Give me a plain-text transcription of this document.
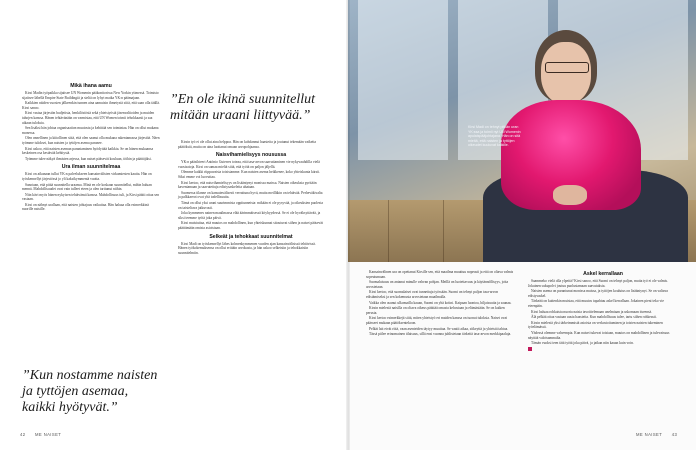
Mikä ihana aamu

Kirsi Madin työpaikka sijaitsee UN Womenin pääkonttorissa New Yorkin ytimessä. Toimisto sijaitsee lähellä Empire State Buildingiä ja sieltä on lyhyt matka YK:n päämajaan.

Kaikkien näiden vuosien jälkeenkin tunnen aina aamuisin ihmetystä siitä, että saan olla täällä. Kirsi sanoo.

Kirsi vastaa järjestön budjetista, henkilöstöstä sekä yhteistyöstä jäsenvaltioiden ja muiden tahojen kanssa. Hänen tehtävänään on varmistaa, että UN Women toimii tehokkaasti ja saa aikaan tuloksia.

Sen lisäksi hän johtaa organisaation muutosta ja kehittää sen toimintaa. Hän on ollut mukana monessa.

Olen onnellinen ja kiitollinen siitä, että olen saanut olla mukana rakentamassa järjestöä. Näen työmme tulokset, kun naisten ja tyttöjen asema paranee.

Kirsi uskoo, että naisten aseman parantaminen hyödyttää kaikkia. Se on hänen mukaansa keskeinen osa kestävää kehitystä.

Työmme tulee näkyä ihmisten arjessa, kun naiset pääsevät kouluun, töihin ja päättäjiksi.

Ura ilman suunnitelmaa

Kirsi on aikanaan tullut YK:n palvelukseen kansainvälisten virkamiesten kautta. Hän on työskennellyt järjestössä jo yli kaksikymmentä vuotta.

Sanotaan, että pitää suunnitella uraansa. Minä en ole koskaan suunnitellut, mihin haluan mennä. Mahdollisuudet ovat vain tulleet eteen ja olen tarttunut niihin.

Niin kävi myös hänen nykyisen tehtävänsä kanssa. Mahdollisuus tuli, ja Kirsi päätti ottaa sen vastaan.

Kirsi on nähnyt urallaan, että naisten johtajuus vaikuttaa. Hän haluaa olla esimerkkinä nuorille naisille.

”En ole ikinä suunnitellut mitään uraani liittyvää.”

Kirsin työ ei ole ollut aina helppoa. Hän on kohdannut haasteita ja joutunut tekemään vaikeita päätöksiä, mutta on aina luottanut omaan arvopohjaansa.

Naisvihamielisyys nousussa

YK:n pääsihteeri António Guterres toteaa, että tasa-arvon saavuttaminen vie nykyvauhdilla vielä vuosisatoja. Kirsi on samaa mieltä siitä, että työtä on paljon jäljellä.

Olemme kaikki riippuvaisia toisistamme. Kun naisten asema heikkenee, koko yhteiskunta kärsii. Siksi emme voi luovuttaa.

Kirsi kertoo, että naisvihamielisyys on lisääntynyt monissa maissa. Naisten oikeuksia pyritään kaventamaan ja saavutettuja edistysaskeleita uhataan.

Suomessa tilanne on kansainvälisesti verrattuna hyvä, mutta meilläkin on tehtävää. Perheväkivalta ja palkkaerot ovat yhä todellisuutta.

Tämä on ollut yksi urani suurimmista oppitunneista: mikään ei ole pysyvää, ja oikeuksien puolesta on taisteltava jatkuvasti.

Joka kymmenes nainen maailmassa elää äärimmäisessä köyhyydessä. Se ei ole hyväksyttävää, ja siksi teemme työtä joka päivä.

Kirsi muistuttaa, että muutos on mahdollinen, kun yhteiskunnat sitoutuvat siihen ja naiset pääsevät päättämään omista asioistaan.

Selkeät ja tehokkaat suunnitelmat

Kirsi Madi on työskennellyt lähes kolmenkymmenen vuoden ajan kansainvälisissä tehtävissä. Hänen työkokemuksensa on ollut erittäin arvokasta, ja hän uskoo selkeisiin ja tehokkaisiin suunnitelmiin.

”Kun nostamme naisten ja tyttöjen asemaa, kaikki hyötyvät.”
42 ME NAISET
Kirsi Madi on tehnyt pitkän uran YK:ssa ja toimii nyt UN Womenin apulaispääjohtajana. Hän on sitä mieltä, että naisten ja tyttöjen oikeudet kuuluvat kaikille.

Kansainvälinen ura on opettanut Kirsille sen, että maailma muuttuu nopeasti ja että on oltava valmis sopeutumaan.

Suomalaisuus on antanut minulle vahvan pohjan. Meillä on luotettavuus ja käytännöllisyys, joita arvostetaan.

Kirsi kertoo, että suomalaiset ovat tunnettuja työssään. Suomi on tehnyt paljon tasa-arvon edistämiseksi ja sen kokemusta arvostetaan maailmalla.

Vaikka olen asunut ulkomailla kauan, Suomi on yhä kotini. Kaipaan luontoa, hiljaisuutta ja saunaa.

Kirsin mielestä naisilla on oltava oikeus päättää omasta kehostaan ja elämästään. Se on kaiken perusta.

Kirsi kertoo esimerkkejä siitä, miten yhteistyö eri maiden kanssa on tuonut tuloksia. Naiset ovat päässeet mukaan päätöksentekoon.

Pelkät lait eivät riitä, vaan asenteiden täytyy muuttua. Se vaatii aikaa, sitkeyttä ja yhteistä tahtoa.

Tässä piilee erinomainen tilaisuus, sillä ensi vuonna juhlistetaan tärkeitä tasa-arvon merkkipaaluja.

Askel kerrallaan

Saammeko vielä olla ylpeitä? Kirsi sanoo, että Suomi on tehnyt paljon, mutta työ ei ole valmis. Jokainen sukupolvi joutuu puolustamaan saavutuksia.

Naisten asema on parantunut monissa maissa, ja tyttöjen koulutus on lisääntynyt. Se on valtava edistysaskel.

Tärkeää on kuitenkin muistaa, että muutos tapahtuu askel kerrallaan. Jokainen pieni teko vie eteenpäin.

Kirsi haluaa rohkaista nuoria naisia tavoittelemaan unelmiaan ja uskomaan itseensä.

Älä pelkää ottaa vastaan uusia haasteita. Kun mahdollisuus tulee, tartu siihen rohkeasti.

Kirsin mielestä yksi tärkeimmistä asioista on verkostoituminen ja toisten naisten tukeminen työelämässä.

Yhdessä olemme vahvempia. Kun naiset tukevat toisiaan, muutos on mahdollinen ja tulevaisuus näyttää valoisammalta.

Tämän vuoksi teen tätä työtä joka päivä, ja jatkan niin kauan kuin voin.

ME NAISET 43
